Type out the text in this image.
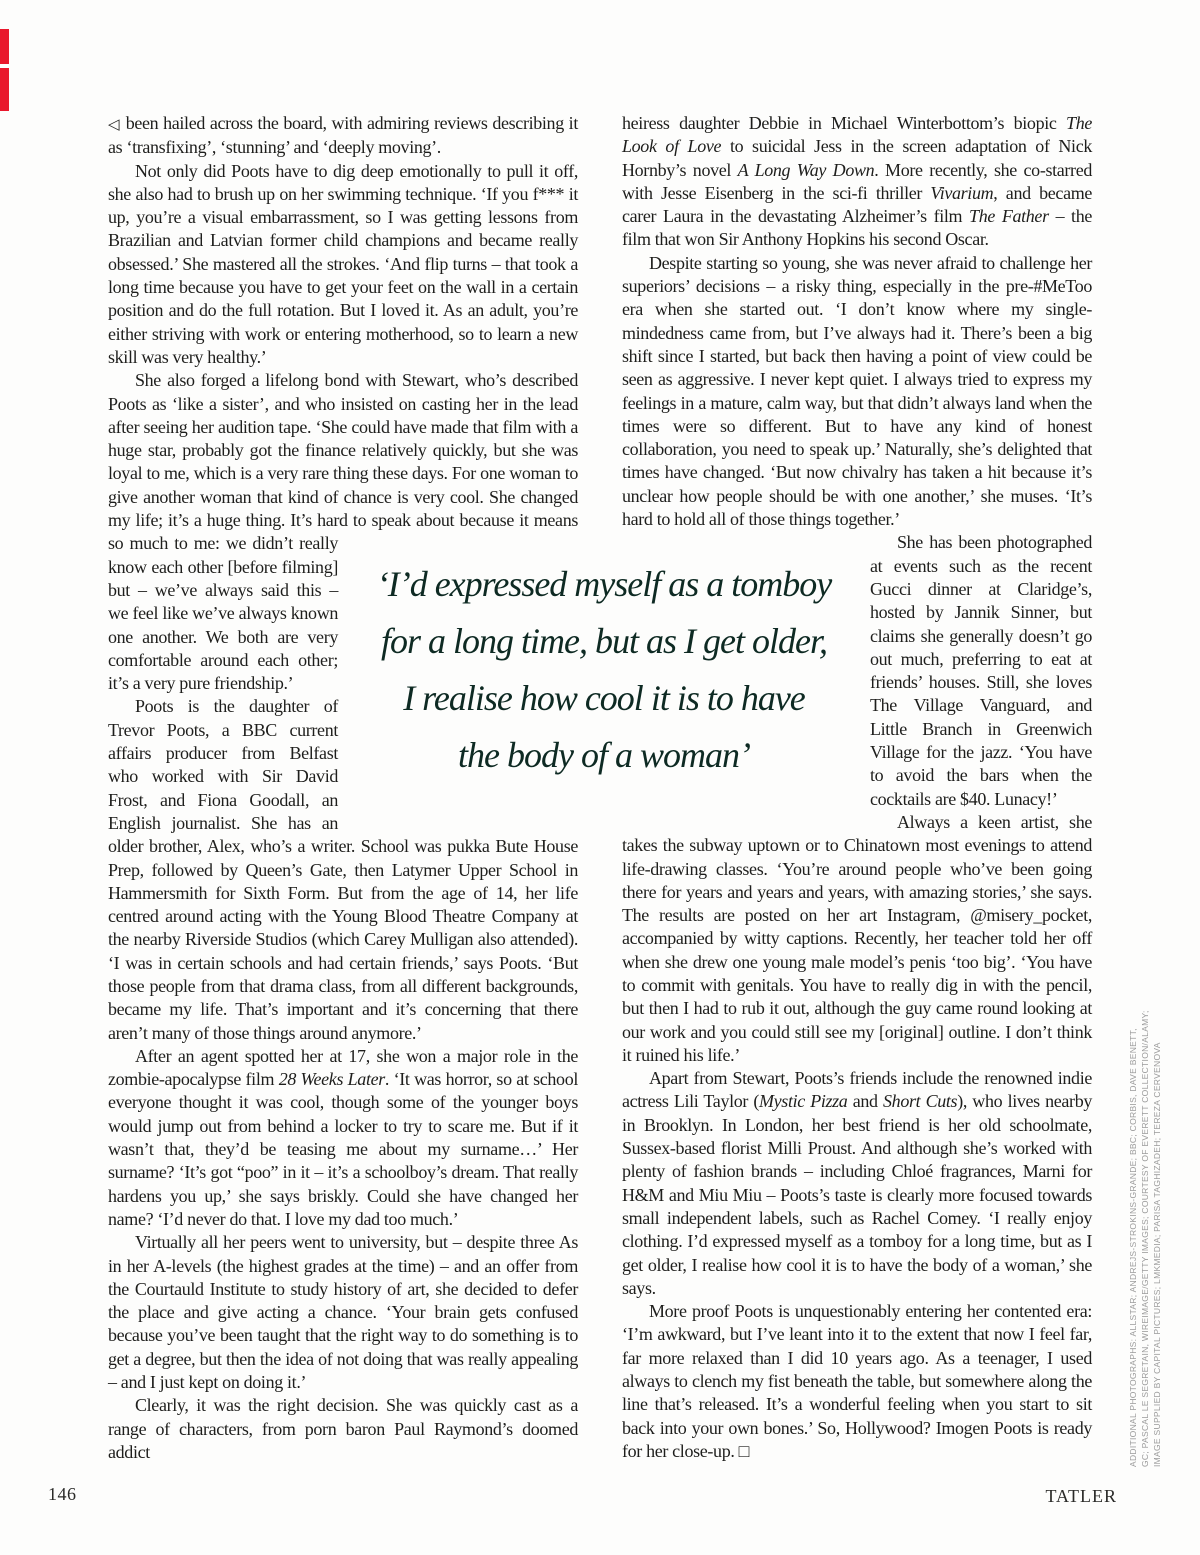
◁ been hailed across the board, with admiring reviews describing it as ‘transfixing’, ‘stunning’ and ‘deeply moving’.

Not only did Poots have to dig deep emotionally to pull it off, she also had to brush up on her swimming technique. ‘If you f*** it up, you’re a visual embarrassment, so I was getting lessons from Brazilian and Latvian former child champions and became really obsessed.’ She mastered all the strokes. ‘And flip turns – that took a long time because you have to get your feet on the wall in a certain position and do the full rotation. But I loved it. As an adult, you’re either striving with work or entering motherhood, so to learn a new skill was very healthy.’

She also forged a lifelong bond with Stewart, who’s described Poots as ‘like a sister’, and who insisted on casting her in the lead after seeing her audition tape. ‘She could have made that film with a huge star, probably got the finance relatively quickly, but she was loyal to me, which is a very rare thing these days. For one woman to give another woman that kind of chance is very cool. She changed my life; it’s a huge thing. It’s hard to speak about
because it means so much to me: we didn’t really know each other [before filming] but – we’ve always said this – we feel like we’ve always known one another. We both are very comfortable around each other; it’s a very pure friendship.’

Poots is the daughter of Trevor Poots, a BBC current affairs producer from Belfast who worked with Sir David Frost, and Fiona Goodall, an English journalist. She has an older brother, Alex, who’s a writer. School was pukka Bute House Prep, followed by Queen’s Gate, then Latymer Upper School in Hammersmith for Sixth Form. But from the age of 14, her life centred around acting with the Young Blood Theatre Company at the nearby Riverside Studios (which Carey Mulligan also attended). ‘I was in certain schools and had certain friends,’ says Poots. ‘But those people from that drama class, from all different backgrounds, became my life. That’s important and it’s concerning that there aren’t many of those things around anymore.’

After an agent spotted her at 17, she won a major role in the zombie-apocalypse film 28 Weeks Later. ‘It was horror, so at school everyone thought it was cool, though some of the younger boys would jump out from behind a locker to try to scare me. But if it wasn’t that, they’d be teasing me about my surname…’ Her surname? ‘It’s got “poo” in it – it’s a schoolboy’s dream. That really hardens you up,’ she says briskly. Could she have changed her name? ‘I’d never do that. I love my dad too much.’

Virtually all her peers went to university, but – despite three As in her A-levels (the highest grades at the time) – and an offer from the Courtauld Institute to study history of art, she decided to defer the place and give acting a chance. ‘Your brain gets confused because you’ve been taught that the right way to do something is to get a degree, but then the idea of not doing that was really appealing – and I just kept on doing it.’

Clearly, it was the right decision. She was quickly cast as a range of characters, from porn baron Paul Raymond’s doomed addict

heiress daughter Debbie in Michael Winterbottom’s biopic The Look of Love to suicidal Jess in the screen adaptation of Nick Hornby’s novel A Long Way Down. More recently, she co-starred with Jesse Eisenberg in the sci-fi thriller Vivarium, and became carer Laura in the devastating Alzheimer’s film The Father – the film that won Sir Anthony Hopkins his second Oscar.

Despite starting so young, she was never afraid to challenge her superiors’ decisions – a risky thing, especially in the pre-#MeToo era when she started out. ‘I don’t know where my single-mindedness came from, but I’ve always had it. There’s been a big shift since I started, but back then having a point of view could be seen as aggressive. I never kept quiet. I always tried to express my feelings in a mature, calm way, but that didn’t always land when the times were so different. But to have any kind of honest collaboration, you need to speak up.’ Naturally, she’s delighted that times have changed. ‘But now chivalry has taken a hit because it’s unclear how people should be with one another,’ she muses. ‘It’s hard to hold all of those things together.’

She has been photographed at events such as the recent Gucci dinner at Claridge’s, hosted by Jannik Sinner, but claims she generally doesn’t go out much, preferring to eat at friends’ houses. Still, she loves The Village Vanguard, and Little Branch in Greenwich Village for the jazz. ‘You have to avoid the bars when the cocktails are $40. Lunacy!’

Always a keen artist, she takes the subway uptown or to Chinatown most evenings to attend life-drawing classes. ‘You’re around people who’ve been going there for years and years and years, with amazing stories,’ she says. The results are posted on her art Instagram, @misery_pocket, accompanied by witty captions. Recently, her teacher told her off when she drew one young male model’s penis ‘too big’. ‘You have to commit with genitals. You have to really dig in with the pencil, but then I had to rub it out, although the guy came round looking at our work and you could still see my [original] outline. I don’t think it ruined his life.’

Apart from Stewart, Poots’s friends include the renowned indie actress Lili Taylor (Mystic Pizza and Short Cuts), who lives nearby in Brooklyn. In London, her best friend is her old schoolmate, Sussex-based florist Milli Proust. And although she’s worked with plenty of fashion brands – including Chloé fragrances, Marni for H&M and Miu Miu – Poots’s taste is clearly more focused towards small independent labels, such as Rachel Comey. ‘I really enjoy clothing. I’d expressed myself as a tomboy for a long time, but as I get older, I realise how cool it is to have the body of a woman,’ she says.

More proof Poots is unquestionably entering her contented era: ‘I’m awkward, but I’ve leant into it to the extent that now I feel far, far more relaxed than I did 10 years ago. As a teenager, I used always to clench my fist beneath the table, but somewhere along the line that’s released. It’s a wonderful feeling when you start to sit back into your own bones.’ So, Hollywood? Imogen Poots is ready for her close-up. □

‘I’d expressed myself as a tomboy
for a long time, but as I get older,
I realise how cool it is to have
the body of a woman’
ADDITIONAL PHOTOGRAPHS: ALLSTAR; ANDREJS-STROKINS-GRANDE; BBC; CORBIS, DAVE BENETT, GC; PASCAL LE SEGRETAIN, WIREIMAGE/GETTY IMAGES; COURTESY OF EVERETT COLLECTION/ALAMY; IMAGE SUPPLIED BY CAPITAL PICTURES; LMKMEDIA; PARISA TAGHIZADEH; TEREZA CERVENOVA
146	TATLER
